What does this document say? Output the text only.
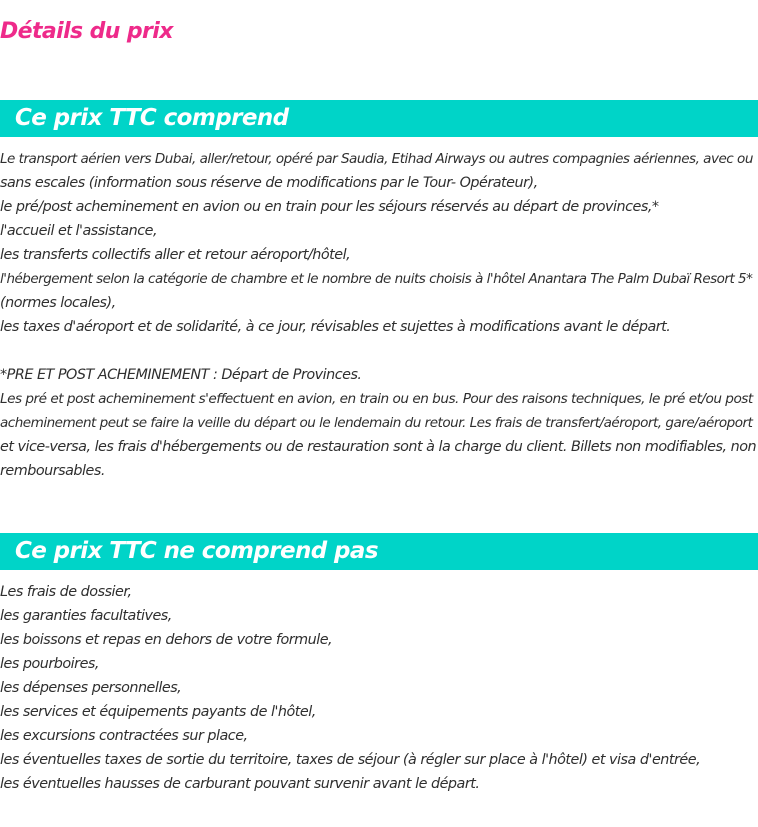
Détails du prix
Ce prix TTC comprend
Le transport aérien vers Dubai, aller/retour, opéré par Saudia, Etihad Airways ou autres compagnies aériennes, avec ou
sans escales (information sous réserve de modifications par le Tour- Opérateur),
le pré/post acheminement en avion ou en train pour les séjours réservés au départ de provinces,*
l'accueil et l'assistance,
les transferts collectifs aller et retour aéroport/hôtel,
l'hébergement selon la catégorie de chambre et le nombre de nuits choisis à l'hôtel Anantara The Palm Dubaï Resort 5*
(normes locales),
les taxes d'aéroport et de solidarité, à ce jour, révisables et sujettes à modifications avant le départ.
*PRE ET POST ACHEMINEMENT : Départ de Provinces.
Les pré et post acheminement s'effectuent en avion, en train ou en bus. Pour des raisons techniques, le pré et/ou post
acheminement peut se faire la veille du départ ou le lendemain du retour. Les frais de transfert/aéroport, gare/aéroport
et vice-versa, les frais d'hébergements ou de restauration sont à la charge du client. Billets non modifiables, non
remboursables.
Ce prix TTC ne comprend pas
Les frais de dossier,
les garanties facultatives,
les boissons et repas en dehors de votre formule,
les pourboires,
les dépenses personnelles,
les services et équipements payants de l'hôtel,
les excursions contractées sur place,
les éventuelles taxes de sortie du territoire, taxes de séjour (à régler sur place à l'hôtel) et visa d'entrée,
les éventuelles hausses de carburant pouvant survenir avant le départ.
